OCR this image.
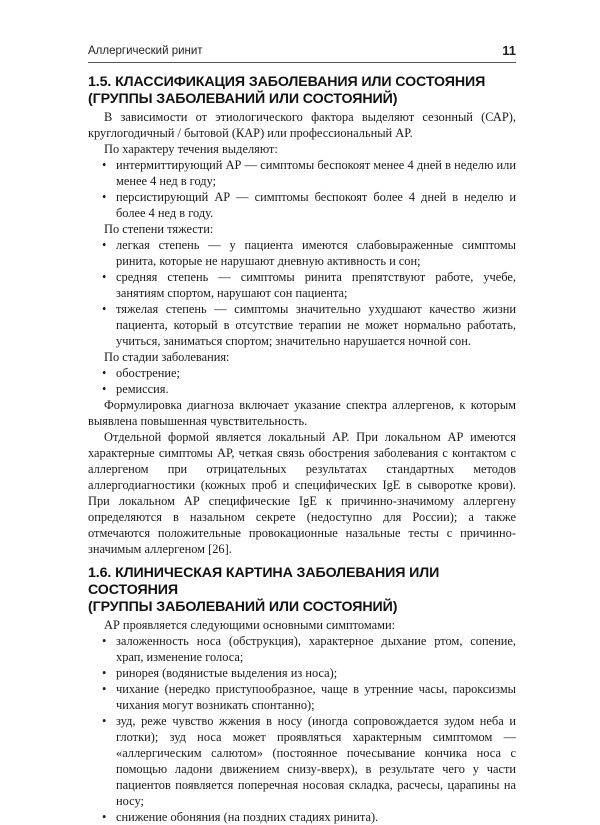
Аллергический ринит	11
1.5. КЛАССИФИКАЦИЯ ЗАБОЛЕВАНИЯ ИЛИ СОСТОЯНИЯ
(ГРУППЫ ЗАБОЛЕВАНИЙ ИЛИ СОСТОЯНИЙ)

В зависимости от этиологического фактора выделяют сезонный (САР), круглогодичный / бытовой (КАР) или профессиональный АР.

По характеру течения выделяют:

• интермиттирующий АР — симптомы беспокоят менее 4 дней в неделю или менее 4 нед в году;
• персистирующий АР — симптомы беспокоят более 4 дней в неделю и более 4 нед в году.

По степени тяжести:

• легкая степень — у пациента имеются слабовыраженные симптомы ринита, которые не нарушают дневную активность и сон;
• средняя степень — симптомы ринита препятствуют работе, учебе, занятиям спортом, нарушают сон пациента;
• тяжелая степень — симптомы значительно ухудшают качество жизни пациента, который в отсутствие терапии не может нормально работать, учиться, заниматься спортом; значительно нарушается ночной сон.

По стадии заболевания:

• обострение;
• ремиссия.

Формулировка диагноза включает указание спектра аллергенов, к которым выявлена повышенная чувствительность.

Отдельной формой является локальный АР. При локальном АР имеются характерные симптомы АР, четкая связь обострения заболевания с контактом с аллергеном при отрицательных результатах стандартных методов аллергодиагностики (кожных проб и специфических IgE в сыворотке крови). При локальном АР специфические IgE к причинно-значимому аллергену определяются в назальном секрете (недоступно для России); а также отмечаются положительные провокационные назальные тесты с причинно-значимым аллергеном [26].

1.6. КЛИНИЧЕСКАЯ КАРТИНА ЗАБОЛЕВАНИЯ ИЛИ СОСТОЯНИЯ
(ГРУППЫ ЗАБОЛЕВАНИЙ ИЛИ СОСТОЯНИЙ)

АР проявляется следующими основными симптомами:

• заложенность носа (обструкция), характерное дыхание ртом, сопение, храп, изменение голоса;
• ринорея (водянистые выделения из носа);
• чихание (нередко приступообразное, чаще в утренние часы, пароксизмы чихания могут возникать спонтанно);
• зуд, реже чувство жжения в носу (иногда сопровождается зудом неба и глотки); зуд носа может проявляться характерным симптомом — «аллергическим салютом» (постоянное почесывание кончика носа с помощью ладони движением снизу-вверх), в результате чего у части пациентов появляется поперечная носовая складка, расчесы, царапины на носу;
• снижение обоняния (на поздних стадиях ринита).
